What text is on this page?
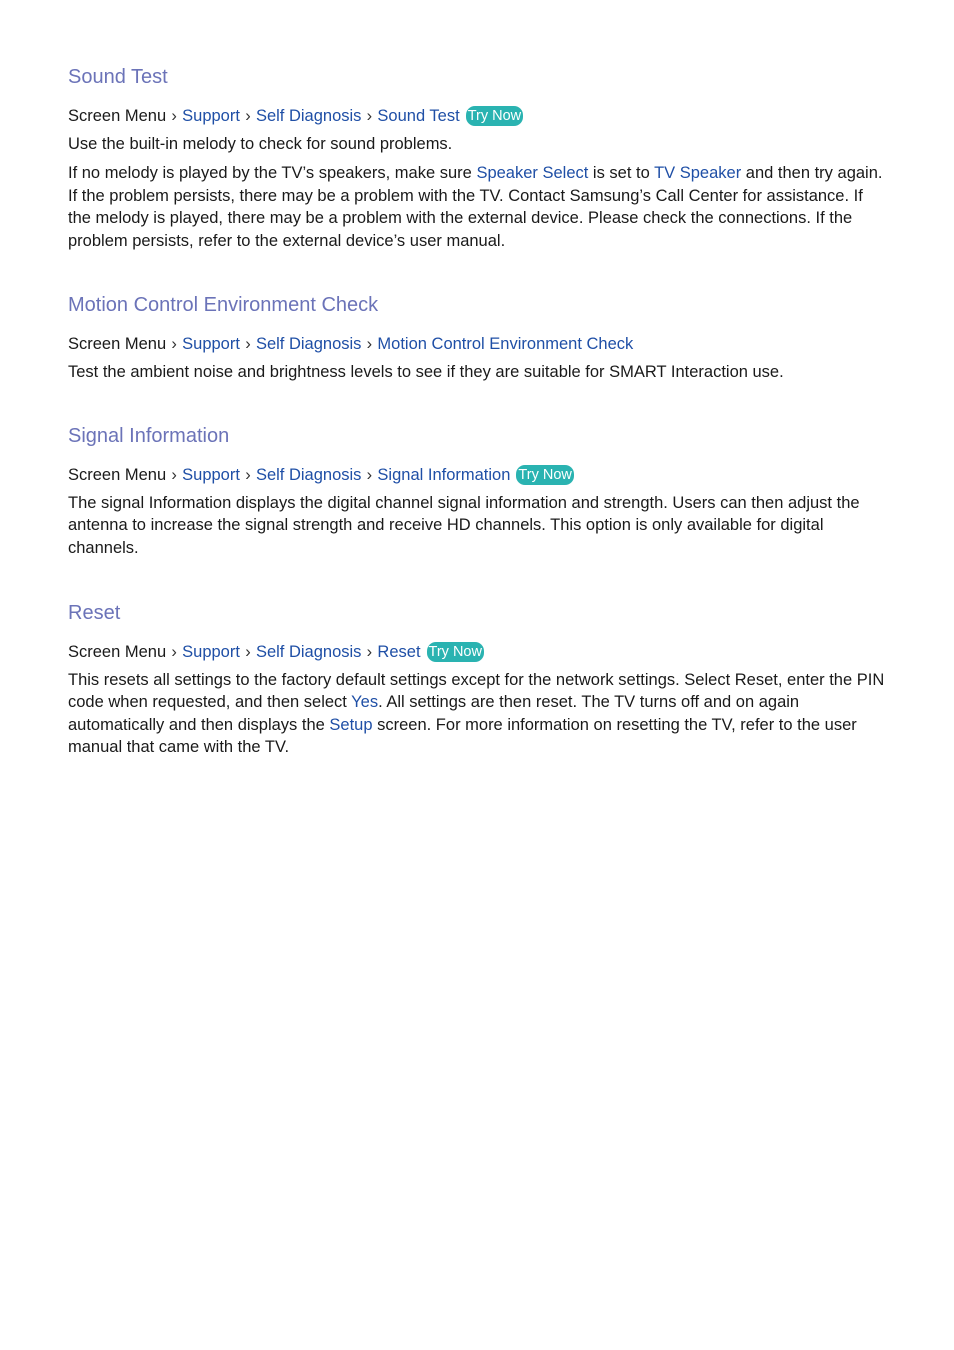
Sound Test
Screen Menu › Support › Self Diagnosis › Sound Test Try Now

Use the built-in melody to check for sound problems.

If no melody is played by the TV’s speakers, make sure Speaker Select is set to TV Speaker and then try again. If the problem persists, there may be a problem with the TV. Contact Samsung’s Call Center for assistance. If the melody is played, there may be a problem with the external device. Please check the connections. If the problem persists, refer to the external device’s user manual.

Motion Control Environment Check
Screen Menu › Support › Self Diagnosis › Motion Control Environment Check

Test the ambient noise and brightness levels to see if they are suitable for SMART Interaction use.

Signal Information
Screen Menu › Support › Self Diagnosis › Signal Information Try Now

The signal Information displays the digital channel signal information and strength. Users can then adjust the antenna to increase the signal strength and receive HD channels. This option is only available for digital channels.

Reset
Screen Menu › Support › Self Diagnosis › Reset Try Now

This resets all settings to the factory default settings except for the network settings. Select Reset, enter the PIN code when requested, and then select Yes. All settings are then reset. The TV turns off and on again automatically and then displays the Setup screen. For more information on resetting the TV, refer to the user manual that came with the TV.
